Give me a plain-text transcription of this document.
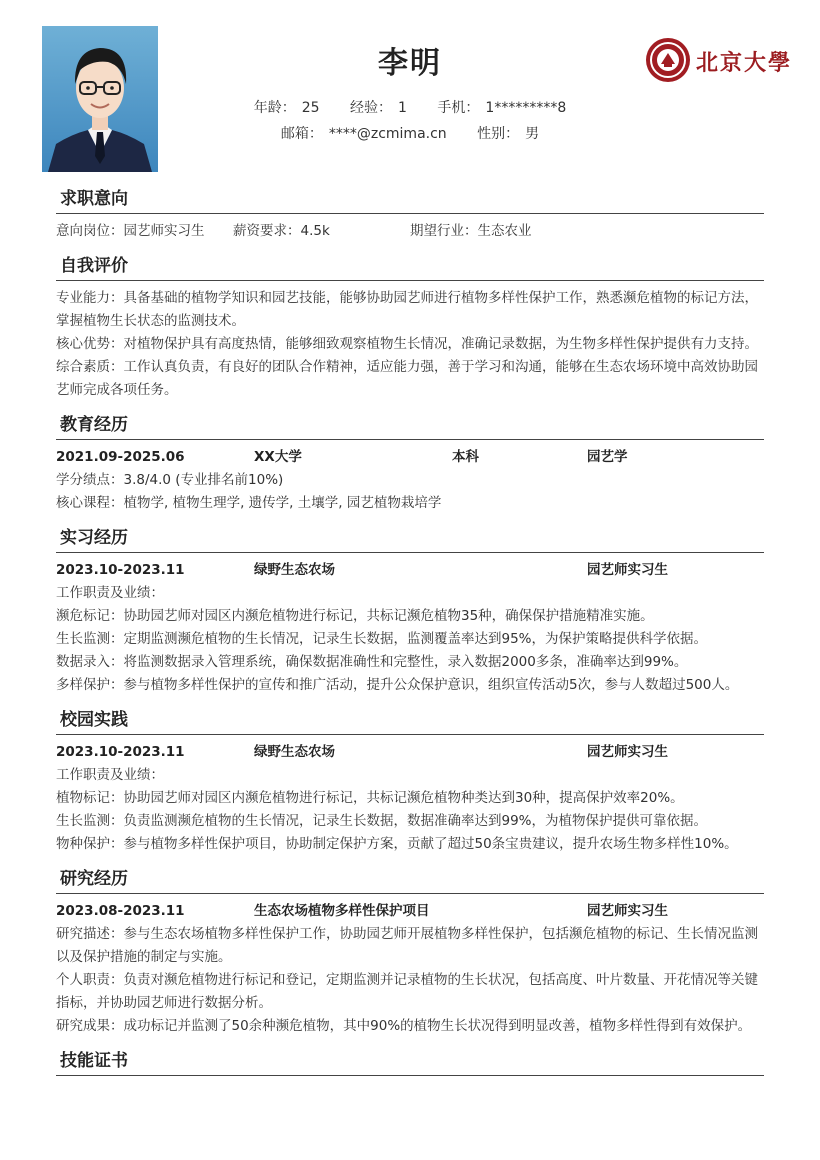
李明
年龄： 25 经验： 1 手机： 1*********8
邮箱： ****@zcmima.cn 性别： 男
北京大學
求职意向
意向岗位：园艺师实习生 薪资要求：4.5k	期望行业：生态农业
自我评价

专业能力：具备基础的植物学知识和园艺技能，能够协助园艺师进行植物多样性保护工作，熟悉濒危植物的标记方法，掌握植物生长状态的监测技术。

核心优势：对植物保护具有高度热情，能够细致观察植物生长情况，准确记录数据，为生物多样性保护提供有力支持。

综合素质：工作认真负责，有良好的团队合作精神，适应能力强，善于学习和沟通，能够在生态农场环境中高效协助园艺师完成各项任务。

教育经历
2021.09-2025.06	XX大学	本科	园艺学

学分绩点：3.8/4.0 (专业排名前10%)

核心课程：植物学, 植物生理学, 遗传学, 土壤学, 园艺植物栽培学

实习经历
2023.10-2023.11	绿野生态农场	园艺师实习生

工作职责及业绩：

濒危标记：协助园艺师对园区内濒危植物进行标记，共标记濒危植物35种，确保保护措施精准实施。

生长监测：定期监测濒危植物的生长情况，记录生长数据，监测覆盖率达到95%，为保护策略提供科学依据。

数据录入：将监测数据录入管理系统，确保数据准确性和完整性，录入数据2000多条，准确率达到99%。

多样保护：参与植物多样性保护的宣传和推广活动，提升公众保护意识，组织宣传活动5次，参与人数超过500人。

校园实践
2023.10-2023.11	绿野生态农场	园艺师实习生

工作职责及业绩：

植物标记：协助园艺师对园区内濒危植物进行标记，共标记濒危植物种类达到30种，提高保护效率20%。

生长监测：负责监测濒危植物的生长情况，记录生长数据，数据准确率达到99%，为植物保护提供可靠依据。

物种保护：参与植物多样性保护项目，协助制定保护方案，贡献了超过50条宝贵建议，提升农场生物多样性10%。

研究经历
2023.08-2023.11	生态农场植物多样性保护项目	园艺师实习生

研究描述：参与生态农场植物多样性保护工作，协助园艺师开展植物多样性保护，包括濒危植物的标记、生长情况监测以及保护措施的制定与实施。

个人职责：负责对濒危植物进行标记和登记，定期监测并记录植物的生长状况，包括高度、叶片数量、开花情况等关键指标，并协助园艺师进行数据分析。

研究成果：成功标记并监测了50余种濒危植物，其中90%的植物生长状况得到明显改善，植物多样性得到有效保护。

技能证书
